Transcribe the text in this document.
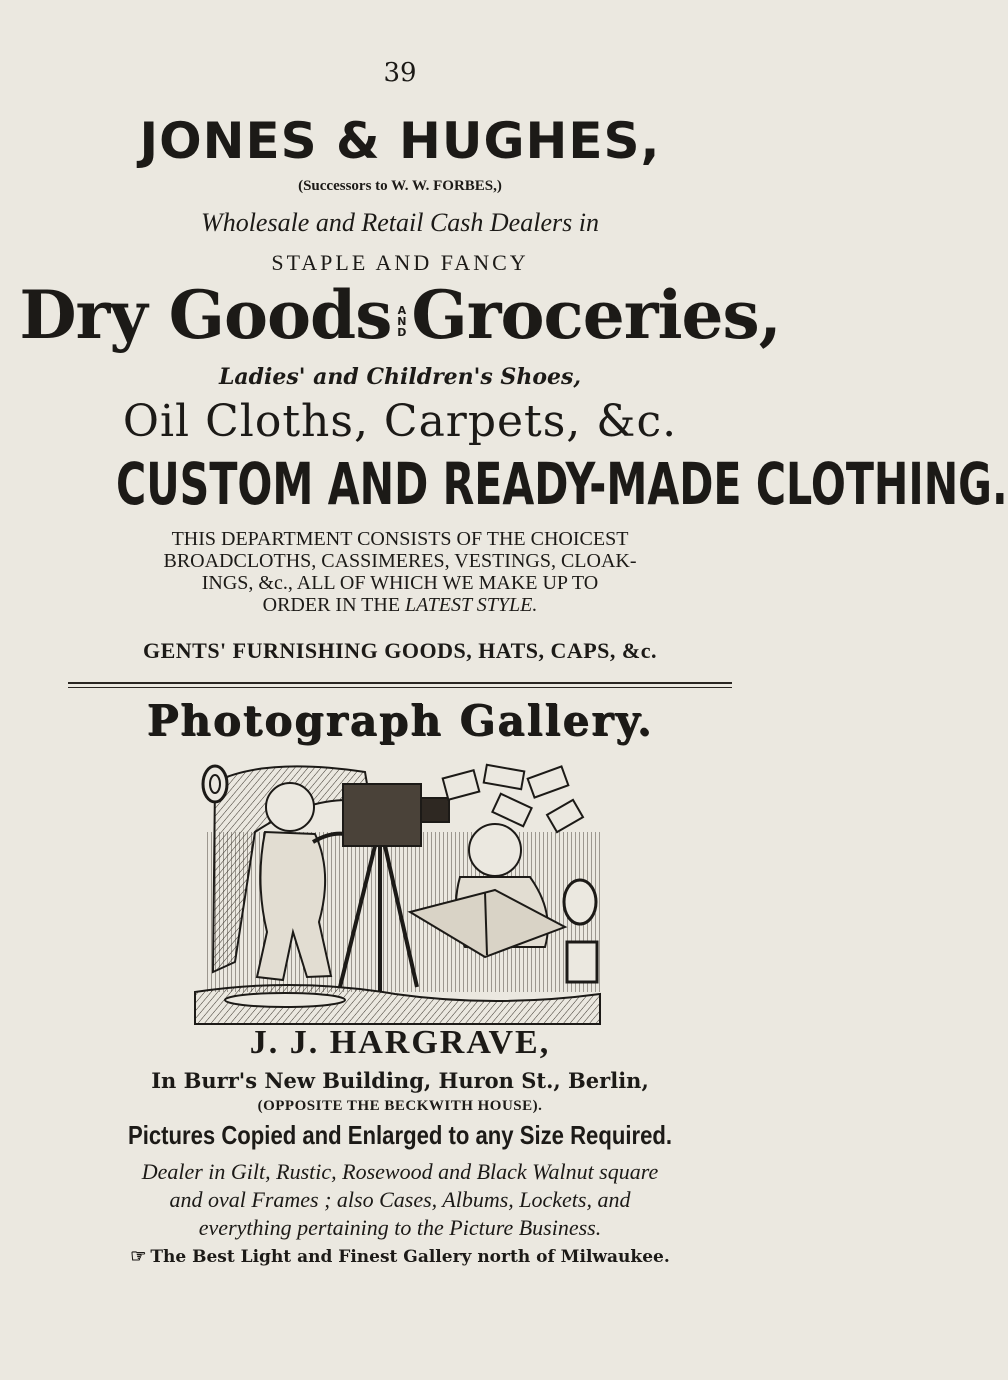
39
JONES & HUGHES,
(Successors to W. W. FORBES,)
Wholesale and Retail Cash Dealers in
STAPLE AND FANCY
Dry Goods A
N
D Groceries,
Ladies' and Children's Shoes,
Oil Cloths, Carpets, &c.
CUSTOM AND READY-MADE CLOTHING.
THIS DEPARTMENT CONSISTS OF THE CHOICEST
BROADCLOTHS, CASSIMERES, VESTINGS, CLOAK-
INGS, &c., ALL OF WHICH WE MAKE UP TO
ORDER IN THE LATEST STYLE.
GENTS' FURNISHING GOODS, HATS, CAPS, &c.
Photograph Gallery.
J. J. HARGRAVE,
In Burr's New Building, Huron St., Berlin,
(OPPOSITE THE BECKWITH HOUSE).
Pictures Copied and Enlarged to any Size Required.
Dealer in Gilt, Rustic, Rosewood and Black Walnut square
and oval Frames ; also Cases, Albums, Lockets, and
everything pertaining to the Picture Business.
☞ The Best Light and Finest Gallery north of Milwaukee.
